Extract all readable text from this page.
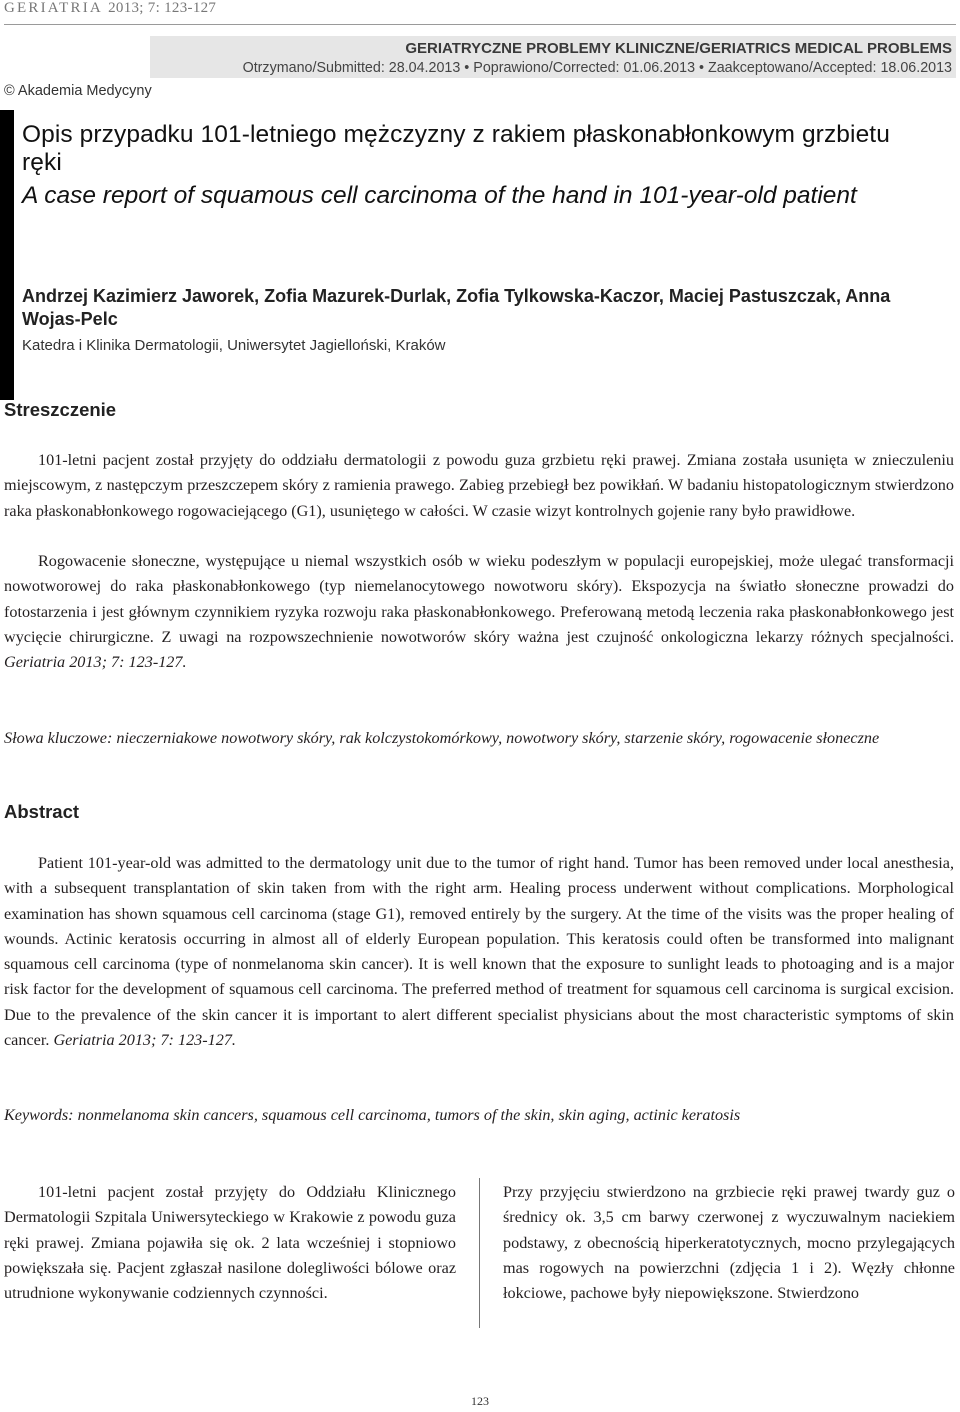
GERIATRIA 2013; 7: 123-127
GERIATRYCZNE PROBLEMY KLINICZNE/GERIATRICS MEDICAL PROBLEMS
Otrzymano/Submitted: 28.04.2013 • Poprawiono/Corrected: 01.06.2013 • Zaakceptowano/Accepted: 18.06.2013
© Akademia Medycyny
Opis przypadku 101-letniego mężczyzny z rakiem płaskonabłonkowym grzbietu ręki
A case report of squamous cell carcinoma of the hand in 101-year-old patient
Andrzej Kazimierz Jaworek, Zofia Mazurek-Durlak, Zofia Tylkowska-Kaczor, Maciej Pastuszczak, Anna Wojas-Pelc
Katedra i Klinika Dermatologii, Uniwersytet Jagielloński, Kraków
Streszczenie
101-letni pacjent został przyjęty do oddziału dermatologii z powodu guza grzbietu ręki prawej. Zmiana została usunięta w znieczuleniu miejscowym, z następczym przeszczepem skóry z ramienia prawego. Zabieg przebiegł bez powikłań. W badaniu histopatologicznym stwierdzono raka płaskonabłonkowego rogowaciejącego (G1), usuniętego w całości. W czasie wizyt kontrolnych gojenie rany było prawidłowe.
Rogowacenie słoneczne, występujące u niemal wszystkich osób w wieku podeszłym w populacji europejskiej, może ulegać transformacji nowotworowej do raka płaskonabłonkowego (typ niemelanocytowego nowotworu skóry). Ekspozycja na światło słoneczne prowadzi do fotostarzenia i jest głównym czynnikiem ryzyka rozwoju raka płaskonabłonkowego. Preferowaną metodą leczenia raka płaskonabłonkowego jest wycięcie chirurgiczne. Z uwagi na rozpowszechnienie nowotworów skóry ważna jest czujność onkologiczna lekarzy różnych specjalności. Geriatria 2013; 7: 123-127.
Słowa kluczowe: nieczerniakowe nowotwory skóry, rak kolczystokomórkowy, nowotwory skóry, starzenie skóry, rogowacenie słoneczne
Abstract
Patient 101-year-old was admitted to the dermatology unit due to the tumor of right hand. Tumor has been removed under local anesthesia, with a subsequent transplantation of skin taken from with the right arm. Healing process underwent without complications. Morphological examination has shown squamous cell carcinoma (stage G1), removed entirely by the surgery. At the time of the visits was the proper healing of wounds. Actinic keratosis occurring in almost all of elderly European population. This keratosis could often be transformed into malignant squamous cell carcinoma (type of nonmelanoma skin cancer). It is well known that the exposure to sunlight leads to photoaging and is a major risk factor for the development of squamous cell carcinoma. The preferred method of treatment for squamous cell carcinoma is surgical excision. Due to the prevalence of the skin cancer it is important to alert different specialist physicians about the most characteristic symptoms of skin cancer. Geriatria 2013; 7: 123-127.
Keywords: nonmelanoma skin cancers, squamous cell carcinoma, tumors of the skin, skin aging, actinic keratosis
101-letni pacjent został przyjęty do Oddziału Klinicznego Dermatologii Szpitala Uniwersyteckiego w Krakowie z powodu guza ręki prawej. Zmiana pojawiła się ok. 2 lata wcześniej i stopniowo powiększała się. Pacjent zgłaszał nasilone dolegliwości bólowe oraz utrudnione wykonywanie codziennych czynności.
Przy przyjęciu stwierdzono na grzbiecie ręki prawej twardy guz o średnicy ok. 3,5 cm barwy czerwonej z wyczuwalnym naciekiem podstawy, z obecnością hiperkeratotycznych, mocno przylegających mas rogowych na powierzchni (zdjęcia 1 i 2). Węzły chłonne łokciowe, pachowe były niepowiększone. Stwierdzono
123
